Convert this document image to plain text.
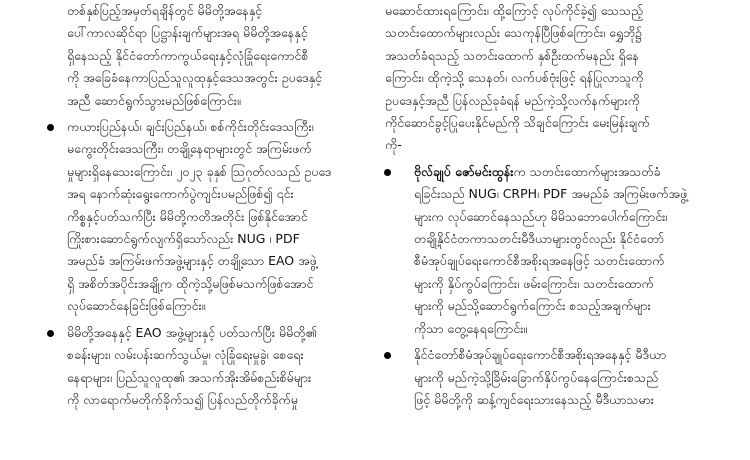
တစ်နှစ်ပြည့်အမှတ်ရချိန်တွင် မိမိတို့အနေနှင့်
ပေါ်ကာလဆိုင်ရာ ပြဋ္ဌာန်းချက်များအရ မိမိတို့အနေနှင့်
ရှိနေသည့် နိုင်ငံတော်ကာကွယ်ရေးနှင့်လုံခြုံရေးကောင်စီ
ကို အခြေခံနေကာပြည်သူလူထုနှင့်ဒေသအတွင်း ဥပဒေနှင့်
အညီ ဆောင်ရွက်သွားမည်ဖြစ်ကြောင်း။
ကယားပြည်နယ်၊ ချင်းပြည်နယ်၊ စစ်ကိုင်းတိုင်းဒေသကြီး၊
မကွေးတိုင်းဒေသကြီး၊ တချို့နေရာများတွင် အကြမ်းဖက်
မှုများရှိနေသေးကြောင်း၊ ၂၀၂၃ ခုနှစ် သြဂုတ်လသည် ဥပဒေ
အရ နောက်ဆုံးရွေးကောက်ပွဲကျင်းပမည်ဖြစ်၍ ၎င်း
ကိစ္စနှင့်ပတ်သက်ပြီး မိမိတို့ကတိအတိုင်း ဖြစ်နိုင်အောင်
ကြိုးစားဆောင်ရွက်လျက်ရှိသော်လည်း NUG ၊ PDF
အမည်ခံ အကြမ်းဖက်အဖွဲ့များနှင့် တချို့သော EAO အဖွဲ့
ရှိ အစိတ်အပိုင်းအချို့က ထိုကဲ့သို့မဖြစ်မသက်ဖြစ်အောင်
လုပ်ဆောင်နေခြင်းဖြစ်ကြောင်း။
မိမိတို့အနေနှင့် EAO အဖွဲ့များနှင့် ပတ်သက်ပြီး မိမိတို့၏
စခန်းများ၊ လမ်းပန်းဆက်သွယ်မှု၊ လုံခြုံရေးမှုခွဲ၊ စေရေး
နေရာများ၊ ပြည်သူလူထု၏ အသက်အိုးအိမ်စည်းစိမ်များ
ကို လာရောက်မတိုက်ခိုက်သ၍ ပြန်လည်တိုက်ခိုက်မှု
မဆောင်ထားရကြောင်း၊ ထို့ကြောင့် လုပ်ကိုင်ခဲ့၍ သေသည့်
သတင်းထောက်များလည်း သေကုန်ပြီဖြစ်ကြောင်း၊ ရွှေဘို၌
အသတ်ခံရသည့် သတင်းထောက် နှစ်ဦးထက်မနည်း ရှိနေ
ကြောင်း၊ ထိုကဲ့သို့ သေနတ်၊ လက်ပစ်ဗုံးဖြင့် ရန်ပြုလာသူကို
ဥပဒေနှင့်အညီ ပြန်လည်ခုခံရန် မည်ကဲ့သို့လက်နက်များကို
ကိုင်ဆောင်ခွင့်ပြုပေးနိုင်မည်ကို သိချင်ကြောင်း မေးမြန်းချက်
ကို-
ဗိုလ်ချုပ် ဇော်မင်းထွန်းက သတင်းထောက်များအသတ်ခံ
ရခြင်းသည် NUG၊ CRPH၊ PDF အမည်ခံ အကြမ်းဖက်အဖွဲ့
များက လုပ်ဆောင်နေသည်ဟု မိမိသဘောပေါက်ကြောင်း၊
တချို့နိုင်ငံတကာသတင်းမီဒီယာများတွင်လည်း နိုင်ငံတော်
စီမံအုပ်ချုပ်ရေးကောင်စီအစိုးရအနေဖြင့် သတင်းထောက်
များကို နှိပ်ကွပ်ကြောင်း၊ ဖမ်းကြောင်း၊ သတင်းထောက်
များကို မည်သို့ဆောင်ရွက်ကြောင်း စသည့်အချက်များ
ကိုသာ တွေ့နေရကြောင်း။
နိုင်ငံတော်စီမံအုပ်ချုပ်ရေးကောင်စီအစိုးရအနေနှင့် မီဒီယာ
များကို မည်ကဲ့သို့ခြိမ်းခြောက်နှိပ်ကွပ်နေကြောင်းစသည်
ဖြင့် မိမိတို့ကို ဆန့်ကျင်ရေးသားနေသည့် မီဒီယာသမား
